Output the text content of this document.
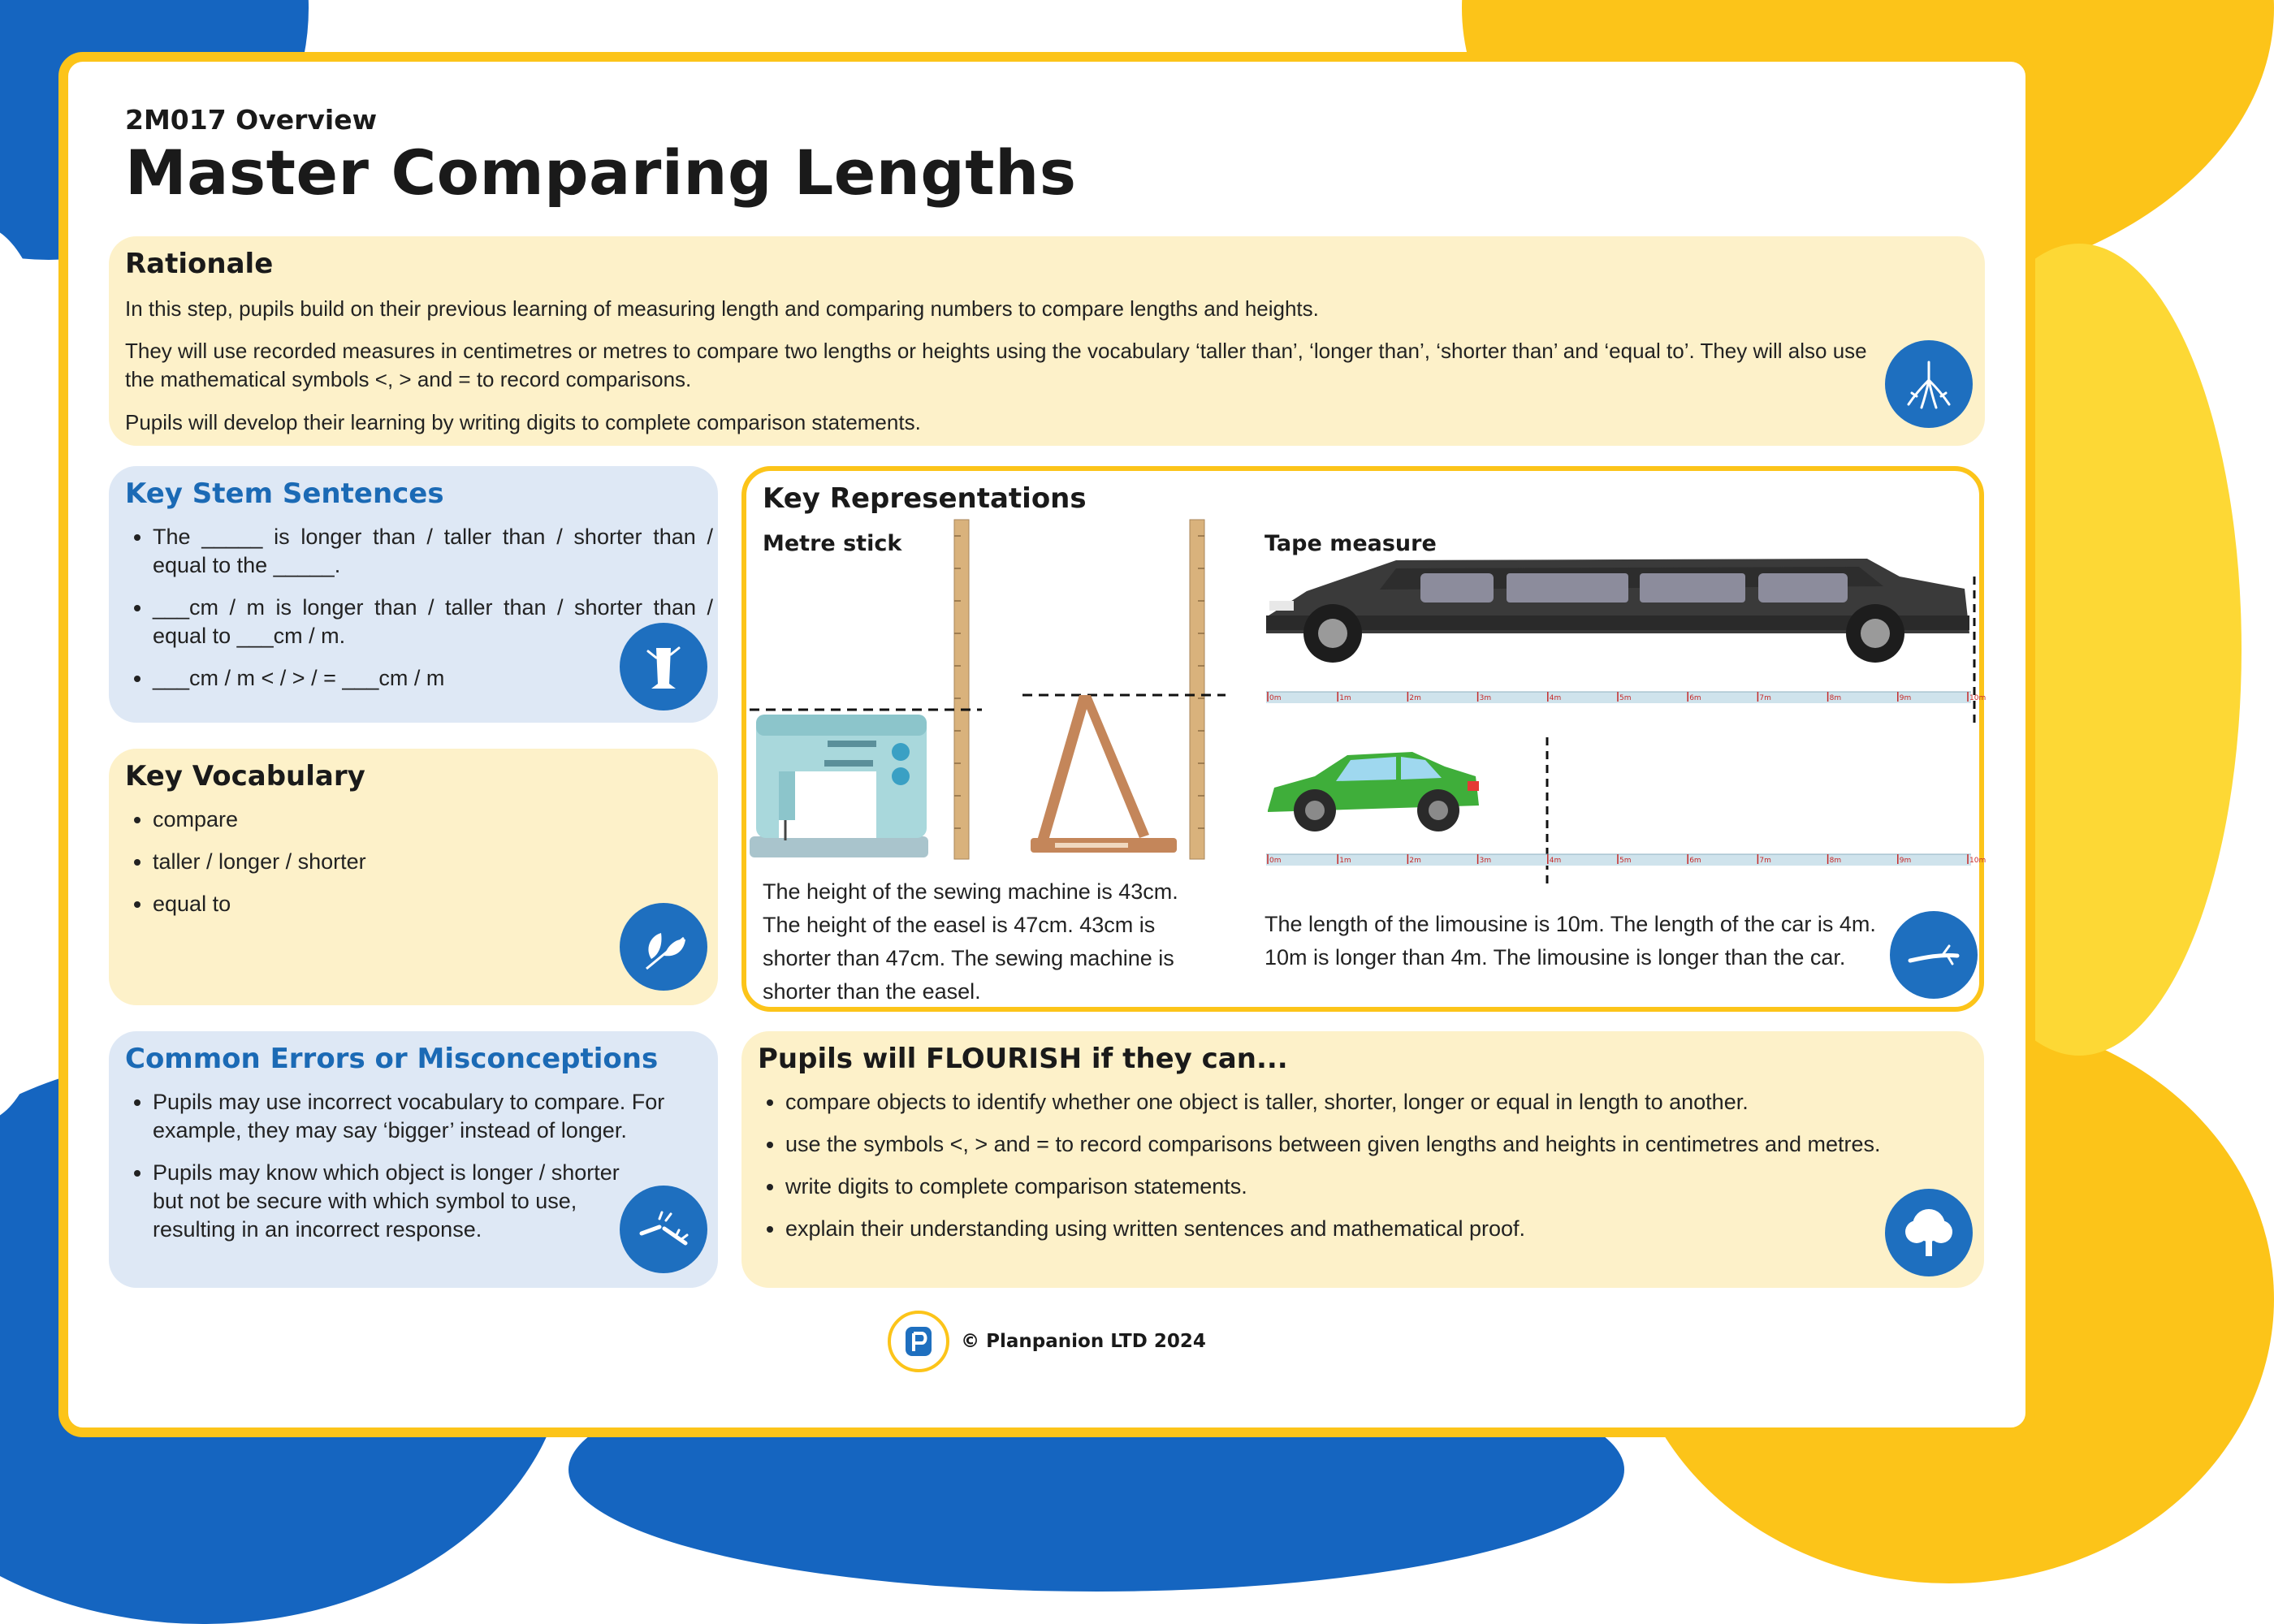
2M017 Overview
Master Comparing Lengths
Rationale
In this step, pupils build on their previous learning of measuring length and comparing numbers to compare lengths and heights.
They will use recorded measures in centimetres or metres to compare two lengths or heights using the vocabulary ‘taller than’, ‘longer than’, ‘shorter than’ and ‘equal to’. They will also use the mathematical symbols <, > and = to record comparisons.
Pupils will develop their learning by writing digits to complete comparison statements.
Key Stem Sentences
• The _____ is longer than / taller than / shorter than / equal to the _____.
• ___cm / m is longer than / taller than / shorter than / equal to ___cm / m.
• ___cm / m < / > / = ___cm / m
Key Vocabulary
• compare
• taller / longer / shorter
• equal to
Common Errors or Misconceptions
• Pupils may use incorrect vocabulary to compare. For example, they may say ‘bigger’ instead of longer.
• Pupils may know which object is longer / shorter but not be secure with which symbol to use, resulting in an incorrect response.
Key Representations
Metre stick	Tape measure
0m	1m	2m	3m	4m	5m	6m	7m	8m	9m	10m
0m	1m	2m	3m	4m	5m	6m	7m	8m	9m	10m
The height of the sewing machine is 43cm. The height of the easel is 47cm. 43cm is shorter than 47cm. The sewing machine is shorter than the easel.
The length of the limousine is 10m. The length of the car is 4m. 10m is longer than 4m. The limousine is longer than the car.
Pupils will FLOURISH if they can...
• compare objects to identify whether one object is taller, shorter, longer or equal in length to another.
• use the symbols <, > and = to record comparisons between given lengths and heights in centimetres and metres.
• write digits to complete comparison statements.
• explain their understanding using written sentences and mathematical proof.
© Planpanion LTD 2024
